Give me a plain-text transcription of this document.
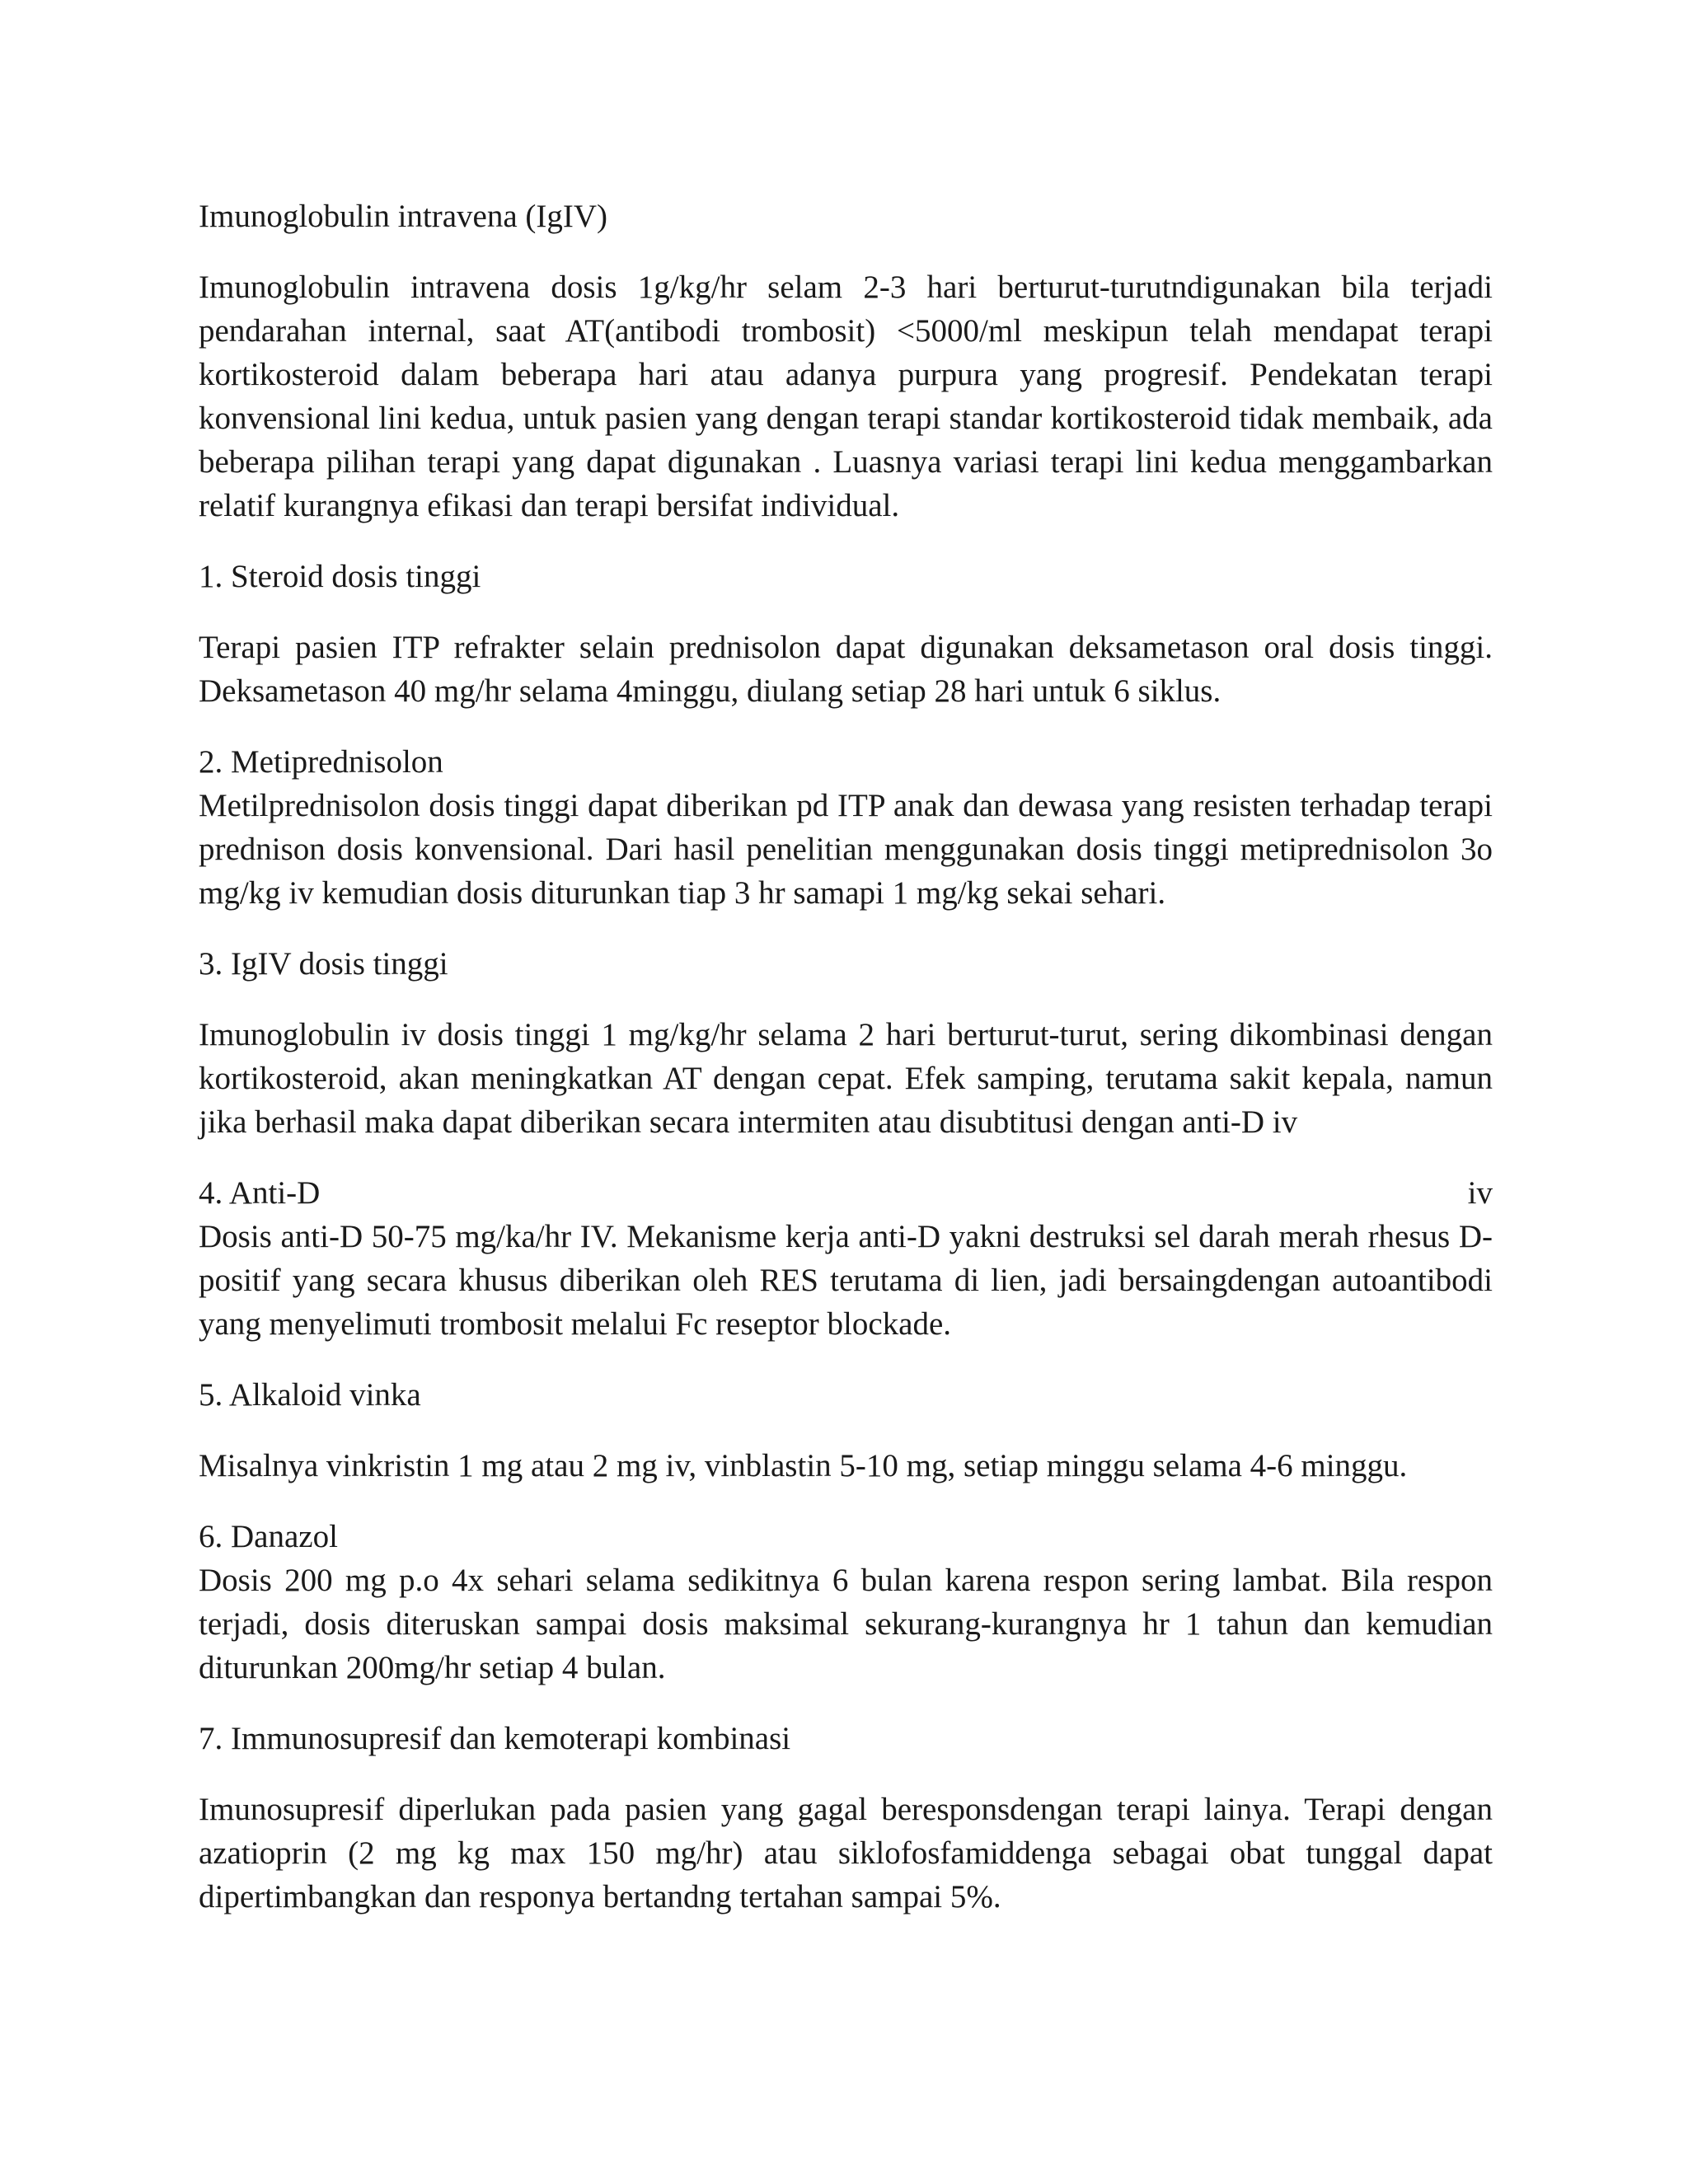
Imunoglobulin intravena (IgIV)

Imunoglobulin intravena dosis 1g/kg/hr selam 2-3 hari berturut-turutndigunakan bila terjadi pendarahan internal, saat AT(antibodi trombosit) <5000/ml meskipun telah mendapat terapi kortikosteroid dalam beberapa hari atau adanya purpura yang progresif. Pendekatan terapi konvensional lini kedua, untuk pasien yang dengan terapi standar kortikosteroid tidak membaik, ada beberapa pilihan terapi yang dapat digunakan . Luasnya variasi terapi lini kedua menggambarkan relatif kurangnya efikasi dan terapi bersifat individual.

1. Steroid dosis tinggi

Terapi pasien ITP refrakter selain prednisolon dapat digunakan deksametason oral dosis tinggi. Deksametason 40 mg/hr selama 4minggu, diulang setiap 28 hari untuk 6 siklus.

2. Metiprednisolon

Metilprednisolon dosis tinggi dapat diberikan pd ITP anak dan dewasa yang resisten terhadap terapi prednison dosis konvensional. Dari hasil penelitian menggunakan dosis tinggi metiprednisolon 3o mg/kg iv kemudian dosis diturunkan tiap 3 hr samapi 1 mg/kg sekai sehari.

3. IgIV dosis tinggi

Imunoglobulin iv dosis tinggi 1 mg/kg/hr selama 2 hari berturut-turut, sering dikombinasi dengan kortikosteroid, akan meningkatkan AT dengan cepat. Efek samping, terutama sakit kepala, namun jika berhasil maka dapat diberikan secara intermiten atau disubtitusi dengan anti-D iv

4. Anti-D	iv

Dosis anti-D 50-75 mg/ka/hr IV. Mekanisme kerja anti-D yakni destruksi sel darah merah rhesus D-positif yang secara khusus diberikan oleh RES terutama di lien, jadi bersaingdengan autoantibodi yang menyelimuti trombosit melalui Fc reseptor blockade.

5. Alkaloid vinka

Misalnya vinkristin 1 mg atau 2 mg iv, vinblastin 5-10 mg, setiap minggu selama 4-6 minggu.

6. Danazol

Dosis 200 mg p.o 4x sehari selama sedikitnya 6 bulan karena respon sering lambat. Bila respon terjadi, dosis diteruskan sampai dosis maksimal sekurang-kurangnya hr 1 tahun dan kemudian diturunkan 200mg/hr setiap 4 bulan.

7. Immunosupresif dan kemoterapi kombinasi

Imunosupresif diperlukan pada pasien yang gagal beresponsdengan terapi lainya. Terapi dengan azatioprin (2 mg kg max 150 mg/hr) atau siklofosfamiddenga sebagai obat tunggal dapat dipertimbangkan dan responya bertandng tertahan sampai 5%.
